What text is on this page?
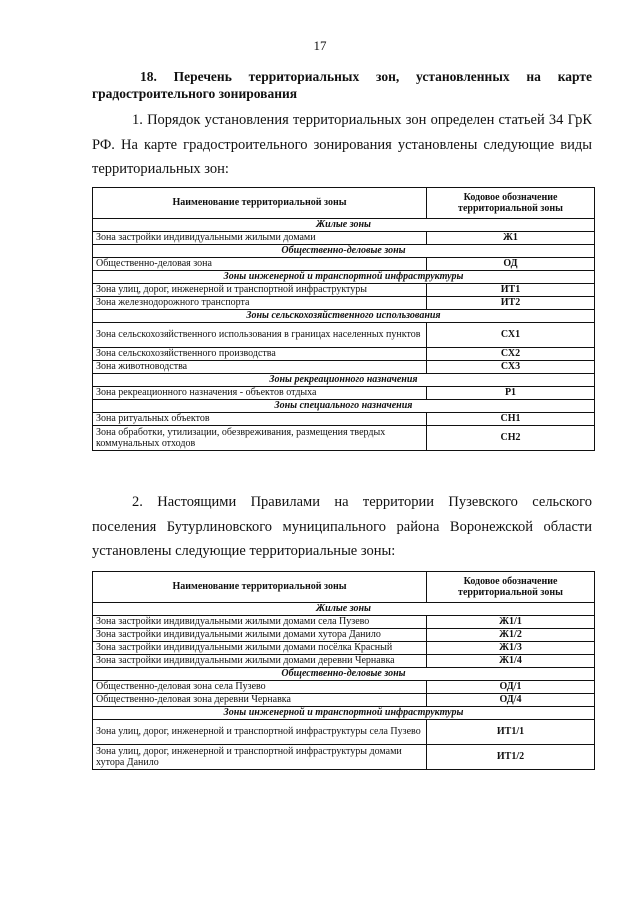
17
18. Перечень территориальных зон, установленных на карте градостроительного зонирования
1. Порядок установления территориальных зон определен статьей 34 ГрК РФ. На карте градостроительного зонирования установлены следующие виды территориальных зон:
Наименование территориальной зоны	Кодовое обозначение территориальной зоны
Жилые зоны	
Зона застройки индивидуальными жилыми домами	Ж1
Общественно-деловые зоны	
Общественно-деловая зона	ОД
Зоны инженерной и транспортной инфраструктуры	
Зона улиц, дорог, инженерной и транспортной инфраструктуры	ИТ1
Зона железнодорожного транспорта	ИТ2
Зоны сельскохозяйственного использования	
Зона сельскохозяйственного использования в границах населенных пунктов	СХ1
Зона сельскохозяйственного производства	СХ2
Зона животноводства	СХ3
Зоны рекреационного назначения	
Зона рекреационного назначения - объектов отдыха	Р1
Зоны специального назначения	
Зона ритуальных объектов	СН1
Зона обработки, утилизации, обезвреживания, размещения твердых коммунальных отходов	СН2
2. Настоящими Правилами на территории Пузевского сельского поселения Бутурлиновского муниципального района Воронежской области установлены следующие территориальные зоны:
Наименование территориальной зоны	Кодовое обозначение территориальной зоны
Жилые зоны	
Зона застройки индивидуальными жилыми домами села Пузево	Ж1/1
Зона застройки индивидуальными жилыми домами хутора Данило	Ж1/2
Зона застройки индивидуальными жилыми домами посёлка Красный	Ж1/3
Зона застройки индивидуальными жилыми домами деревни Чернавка	Ж1/4
Общественно-деловые зоны	
Общественно-деловая зона села Пузево	ОД/1
Общественно-деловая зона деревни Чернавка	ОД/4
Зоны инженерной и транспортной инфраструктуры	
Зона улиц, дорог, инженерной и транспортной инфраструктуры села Пузево	ИТ1/1
Зона улиц, дорог, инженерной и транспортной инфраструктуры домами хутора Данило	ИТ1/2
